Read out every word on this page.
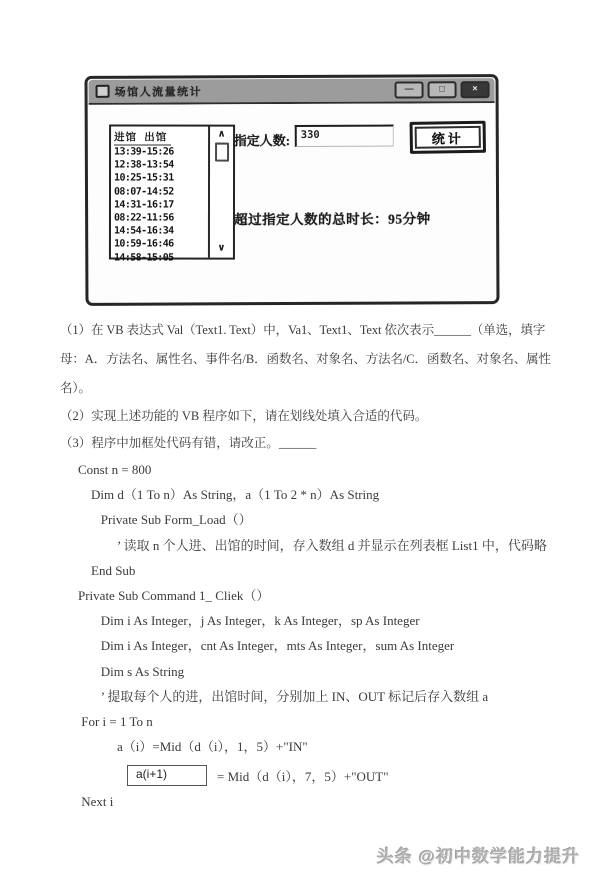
场馆人流量统计	—	□	×
进馆  出馆
13:39-15:26
12:38-13:54
10:25-15:31
08:07-14:52
14:31-16:17
08:22-11:56
14:54-16:34
10:59-16:46
14:58-15:05
∧
∨
指定人数:	330	统计
超过指定人数的总时长：95分钟
（1）在 VB 表达式 Val（Text1. Text）中，Va1、Text1、Text 依次表示______（单选，填字
母：A．方法名、属性名、事件名/B．函数名、对象名、方法名/C．函数名、对象名、属性
名）。
（2）实现上述功能的 VB 程序如下，请在划线处填入合适的代码。
（3）程序中加框处代码有错，请改正。______
Const n = 800
Dim d（1 To n）As String，a（1 To 2 * n）As String
Private Sub Form_Load（）
’ 读取 n 个人进、出馆的时间，存入数组 d 并显示在列表框 List1 中，代码略
End Sub
Private Sub Command 1_ Cliek（）
Dim i As Integer，j As Integer，k As Integer，sp As Integer
Dim i As Integer，cnt As Integer，mts As Integer，sum As Integer
Dim s As String
’ 提取每个人的进，出馆时间，分别加上 IN、OUT 标记后存入数组 a
For i = 1 To n
a（i）=Mid（d（i），1，5）+"IN"
a(i+1)	= Mid（d（i），7，5）+"OUT"
Next i
头条 @初中数学能力提升
